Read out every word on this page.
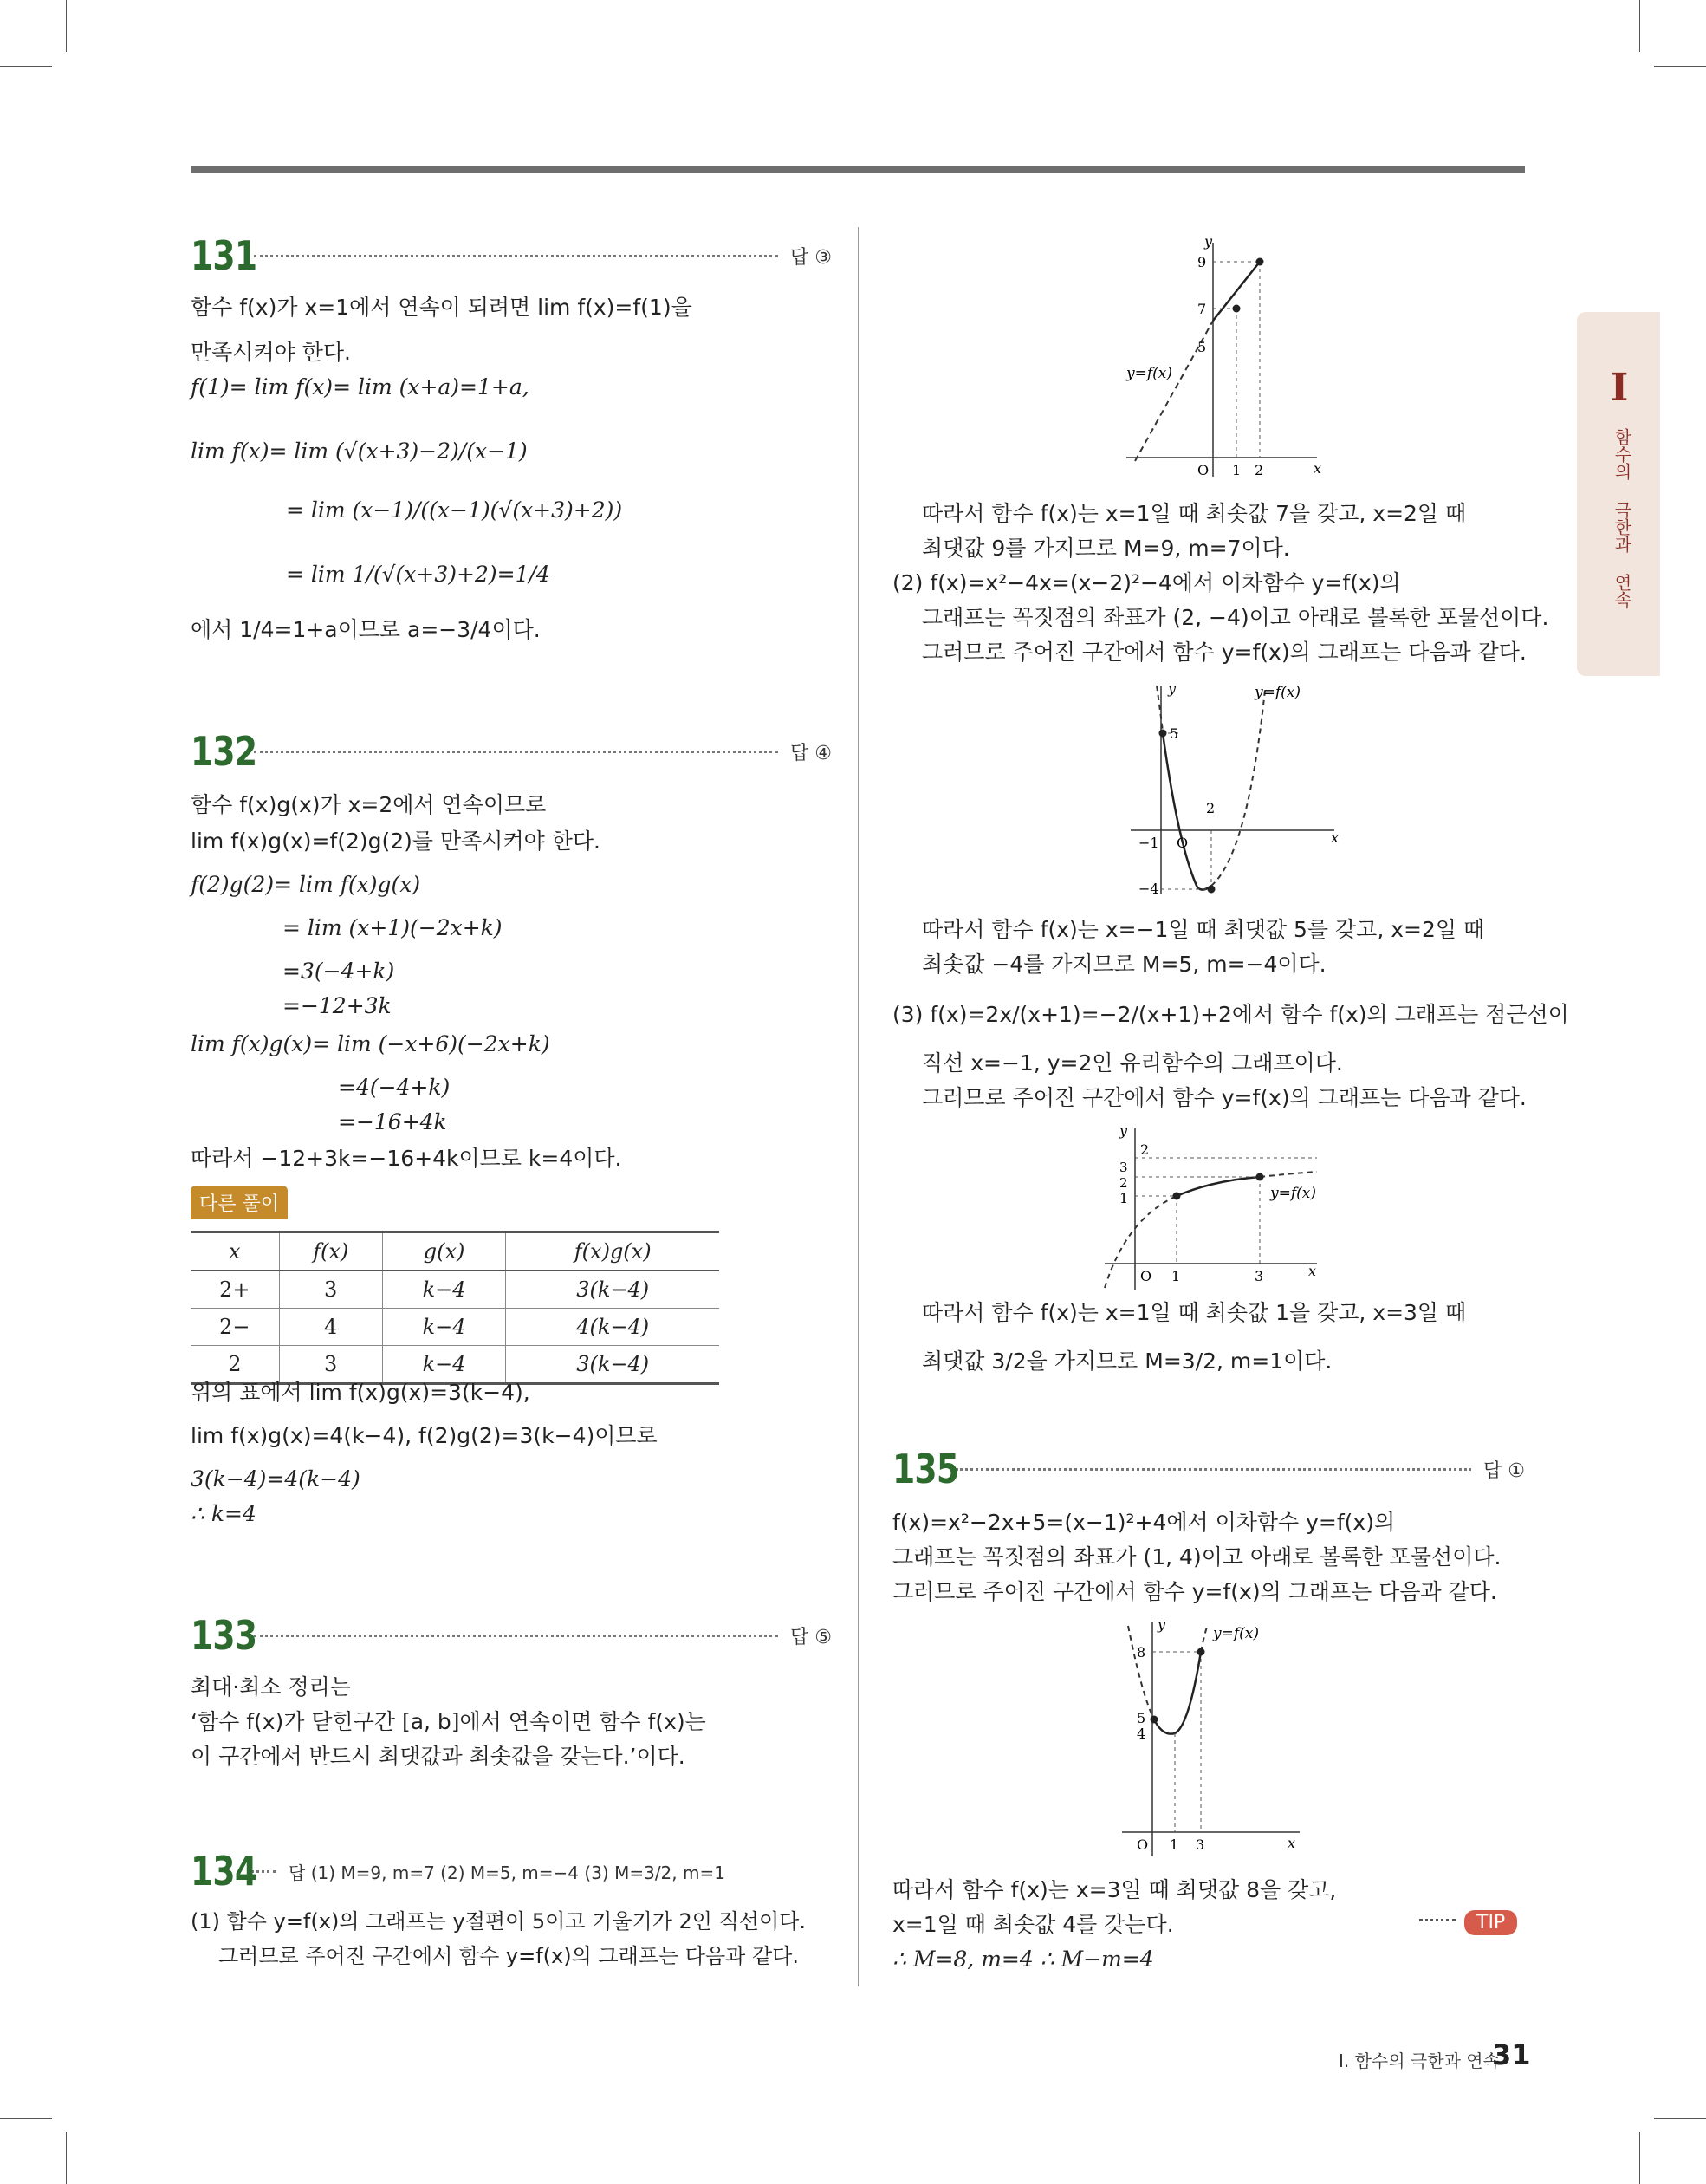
I
함수의 극한과 연속
131	답 ③
함수 f(x)가 x=1에서 연속이 되려면 lim f(x)=f(1)을
만족시켜야 한다.
f(1)= lim f(x)= lim (x+a)=1+a,
lim f(x)= lim (√(x+3)−2)/(x−1)
= lim (x−1)/((x−1)(√(x+3)+2))
= lim 1/(√(x+3)+2)=1/4
에서 1/4=1+a이므로 a=−3/4이다.
132	답 ④
함수 f(x)g(x)가 x=2에서 연속이므로
lim f(x)g(x)=f(2)g(2)를 만족시켜야 한다.
f(2)g(2)= lim f(x)g(x)
= lim (x+1)(−2x+k)
=3(−4+k)
=−12+3k
lim f(x)g(x)= lim (−x+6)(−2x+k)
=4(−4+k)
=−16+4k
따라서 −12+3k=−16+4k이므로 k=4이다.
다른 풀이
x	f(x)	g(x)	f(x)g(x)
2+	3	k−4	3(k−4)
2−	4	k−4	4(k−4)
2	3	k−4	3(k−4)
위의 표에서 lim f(x)g(x)=3(k−4),
lim f(x)g(x)=4(k−4), f(2)g(2)=3(k−4)이므로
3(k−4)=4(k−4)
∴ k=4
133	답 ⑤
최대·최소 정리는
‘함수 f(x)가 닫힌구간 [a, b]에서 연속이면 함수 f(x)는
이 구간에서 반드시 최댓값과 최솟값을 갖는다.’이다.
134 답 (1) M=9, m=7 (2) M=5, m=−4 (3) M=3/2, m=1
(1) 함수 y=f(x)의 그래프는 y절편이 5이고 기울기가 2인 직선이다.
그러므로 주어진 구간에서 함수 y=f(x)의 그래프는 다음과 같다.
y
x
9
7
5
O 1 2
y=f(x)
따라서 함수 f(x)는 x=1일 때 최솟값 7을 갖고, x=2일 때
최댓값 9를 가지므로 M=9, m=7이다.
(2) f(x)=x²−4x=(x−2)²−4에서 이차함수 y=f(x)의
그래프는 꼭짓점의 좌표가 (2, −4)이고 아래로 볼록한 포물선이다.
그러므로 주어진 구간에서 함수 y=f(x)의 그래프는 다음과 같다.
y
x
5
−4
−1 O
2
y=f(x)
따라서 함수 f(x)는 x=−1일 때 최댓값 5를 갖고, x=2일 때
최솟값 −4를 가지므로 M=5, m=−4이다.
(3) f(x)=2x/(x+1)=−2/(x+1)+2에서 함수 f(x)의 그래프는 점근선이
직선 x=−1, y=2인 유리함수의 그래프이다.
그러므로 주어진 구간에서 함수 y=f(x)의 그래프는 다음과 같다.
y
x
2
3
2
1
O 1	3
y=f(x)
따라서 함수 f(x)는 x=1일 때 최솟값 1을 갖고, x=3일 때
최댓값 3/2을 가지므로 M=3/2, m=1이다.
135	답 ①
f(x)=x²−2x+5=(x−1)²+4에서 이차함수 y=f(x)의
그래프는 꼭짓점의 좌표가 (1, 4)이고 아래로 볼록한 포물선이다.
그러므로 주어진 구간에서 함수 y=f(x)의 그래프는 다음과 같다.
y
x
8
5
4
O 1 3
y=f(x)
따라서 함수 f(x)는 x=3일 때 최댓값 8을 갖고,
x=1일 때 최솟값 4를 갖는다.
∴ M=8, m=4 ∴ M−m=4
TIP
I. 함수의 극한과 연속
31
